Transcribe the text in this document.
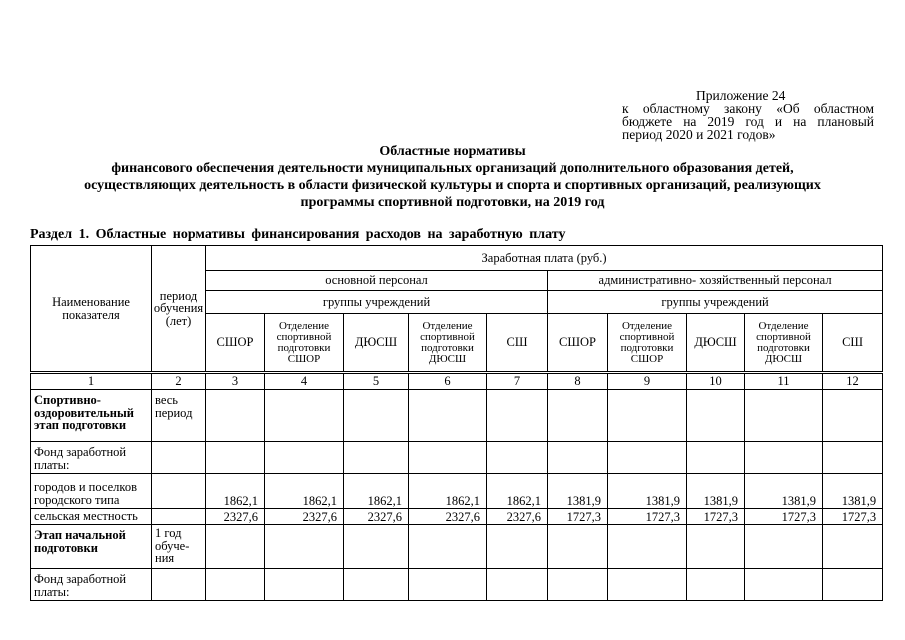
Приложение 24
к областному закону «Об областном
бюджете на 2019 год и на плановый
период 2020 и 2021 годов»
Областные нормативы
финансового обеспечения деятельности муниципальных организаций дополнительного образования детей,
осуществляющих деятельность в области физической культуры и спорта и спортивных организаций, реализующих
программы спортивной подготовки, на 2019 год
Раздел 1. Областные нормативы финансирования расходов на заработную плату
Наименование показателя	период обучения (лет)	Заработная плата (руб.)									
		основной персонал					административно- хозяйственный персонал				
		группы учреждений					группы учреждений				
		СШОР	Отделение спортивной подготовки СШОР	ДЮСШ	Отделение спортивной подготовки ДЮСШ	СШ	СШОР	Отделение спортивной подготовки СШОР	ДЮСШ	Отделение спортивной подготовки ДЮСШ	СШ
1	2	3	4	5	6	7	8	9	10	11	12
Спортивно-оздоровительный этап подготовки	весь период										
Фонд заработной платы:											
городов и поселков городского типа		1862,1	1862,1	1862,1	1862,1	1862,1	1381,9	1381,9	1381,9	1381,9	1381,9
сельская местность		2327,6	2327,6	2327,6	2327,6	2327,6	1727,3	1727,3	1727,3	1727,3	1727,3
Этап начальной подготовки	1 год обуче-ния										
Фонд заработной платы:											
